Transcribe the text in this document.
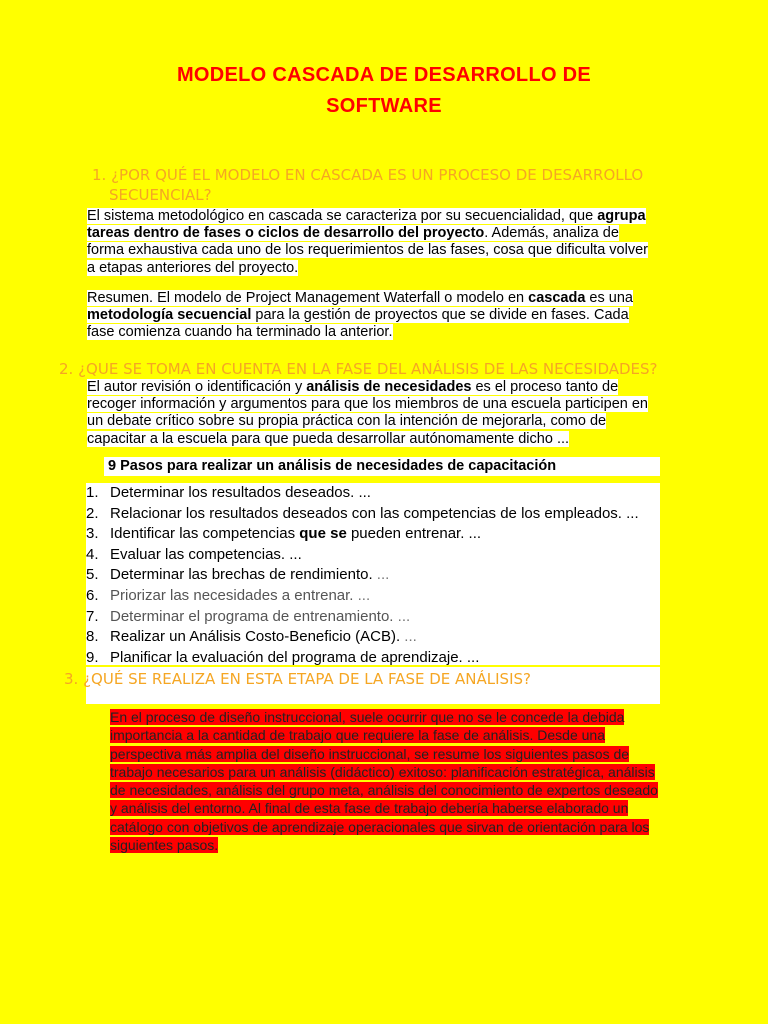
MODELO CASCADA DE DESARROLLO DE
SOFTWARE
1. ¿POR QUÉ EL MODELO EN CASCADA ES UN PROCESO DE DESARROLLO
SECUENCIAL?
El sistema metodológico en cascada se caracteriza por su secuencialidad, que agrupa tareas dentro de fases o ciclos de desarrollo del proyecto. Además, analiza de forma exhaustiva cada uno de los requerimientos de las fases, cosa que dificulta volver a etapas anteriores del proyecto.
Resumen. El modelo de Project Management Waterfall o modelo en cascada es una metodología secuencial para la gestión de proyectos que se divide en fases. Cada fase comienza cuando ha terminado la anterior.
2. ¿QUE SE TOMA EN CUENTA EN LA FASE DEL ANÁLISIS DE LAS NECESIDADES?
El autor revisión o identificación y análisis de necesidades es el proceso tanto de recoger información y argumentos para que los miembros de una escuela participen en un debate crítico sobre su propia práctica con la intención de mejorarla, como de capacitar a la escuela para que pueda desarrollar autónomamente dicho ...
9 Pasos para realizar un análisis de necesidades de capacitación
1. Determinar los resultados deseados. ...
2. Relacionar los resultados deseados con las competencias de los empleados. ...
3. Identificar las competencias que se pueden entrenar. ...
4. Evaluar las competencias. ...
5. Determinar las brechas de rendimiento. ...
6. Priorizar las necesidades a entrenar. ...
7. Determinar el programa de entrenamiento. ...
8. Realizar un Análisis Costo-Beneficio (ACB). ...
9. Planificar la evaluación del programa de aprendizaje. ...
3. ¿QUÉ SE REALIZA EN ESTA ETAPA DE LA FASE DE ANÁLISIS?
En el proceso de diseño instruccional, suele ocurrir que no se le concede la debida importancia a la cantidad de trabajo que requiere la fase de análisis. Desde una perspectiva más amplia del diseño instruccional, se resume los siguientes pasos de trabajo necesarios para un análisis (didáctico) exitoso: planificación estratégica, análisis de necesidades, análisis del grupo meta, análisis del conocimiento de expertos deseado y análisis del entorno. Al final de esta fase de trabajo debería haberse elaborado un catálogo con objetivos de aprendizaje operacionales que sirvan de orientación para los siguientes pasos.
